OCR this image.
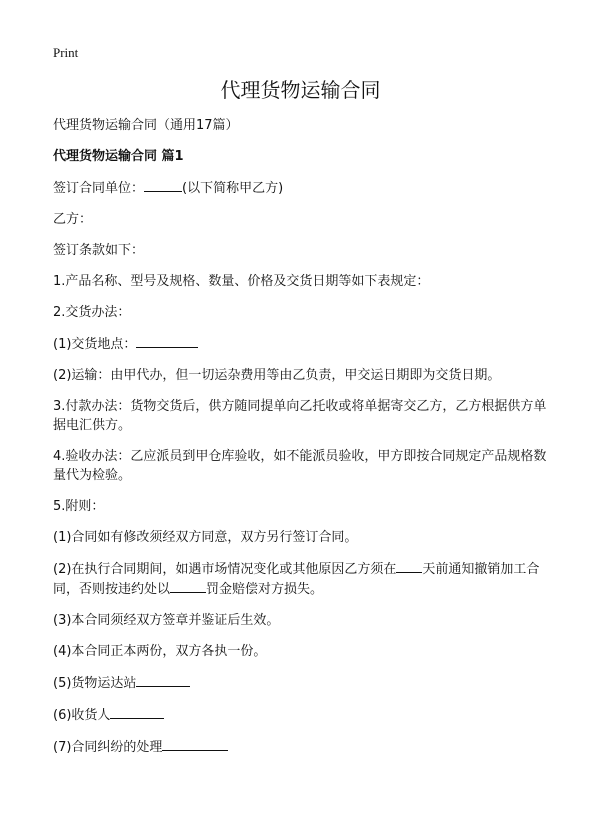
Print
代理货物运输合同
代理货物运输合同（通用17篇）
代理货物运输合同 篇1
签订合同单位：	(以下简称甲乙方)
乙方：
签订条款如下：
1.产品名称、型号及规格、数量、价格及交货日期等如下表规定：
2.交货办法：
(1)交货地点：
(2)运输：由甲代办，但一切运杂费用等由乙负责，甲交运日期即为交货日期。
3.付款办法：货物交货后，供方随同提单向乙托收或将单据寄交乙方，乙方根据供方单据电汇供方。
4.验收办法：乙应派员到甲仓库验收，如不能派员验收，甲方即按合同规定产品规格数量代为检验。
5.附则：
(1)合同如有修改须经双方同意，双方另行签订合同。
(2)在执行合同期间，如遇市场情况变化或其他原因乙方须在 天前通知撤销加工合同，否则按违约处以	罚金赔偿对方损失。
(3)本合同须经双方签章并鉴证后生效。
(4)本合同正本两份，双方各执一份。
(5)货物运达站
(6)收货人
(7)合同纠纷的处理
